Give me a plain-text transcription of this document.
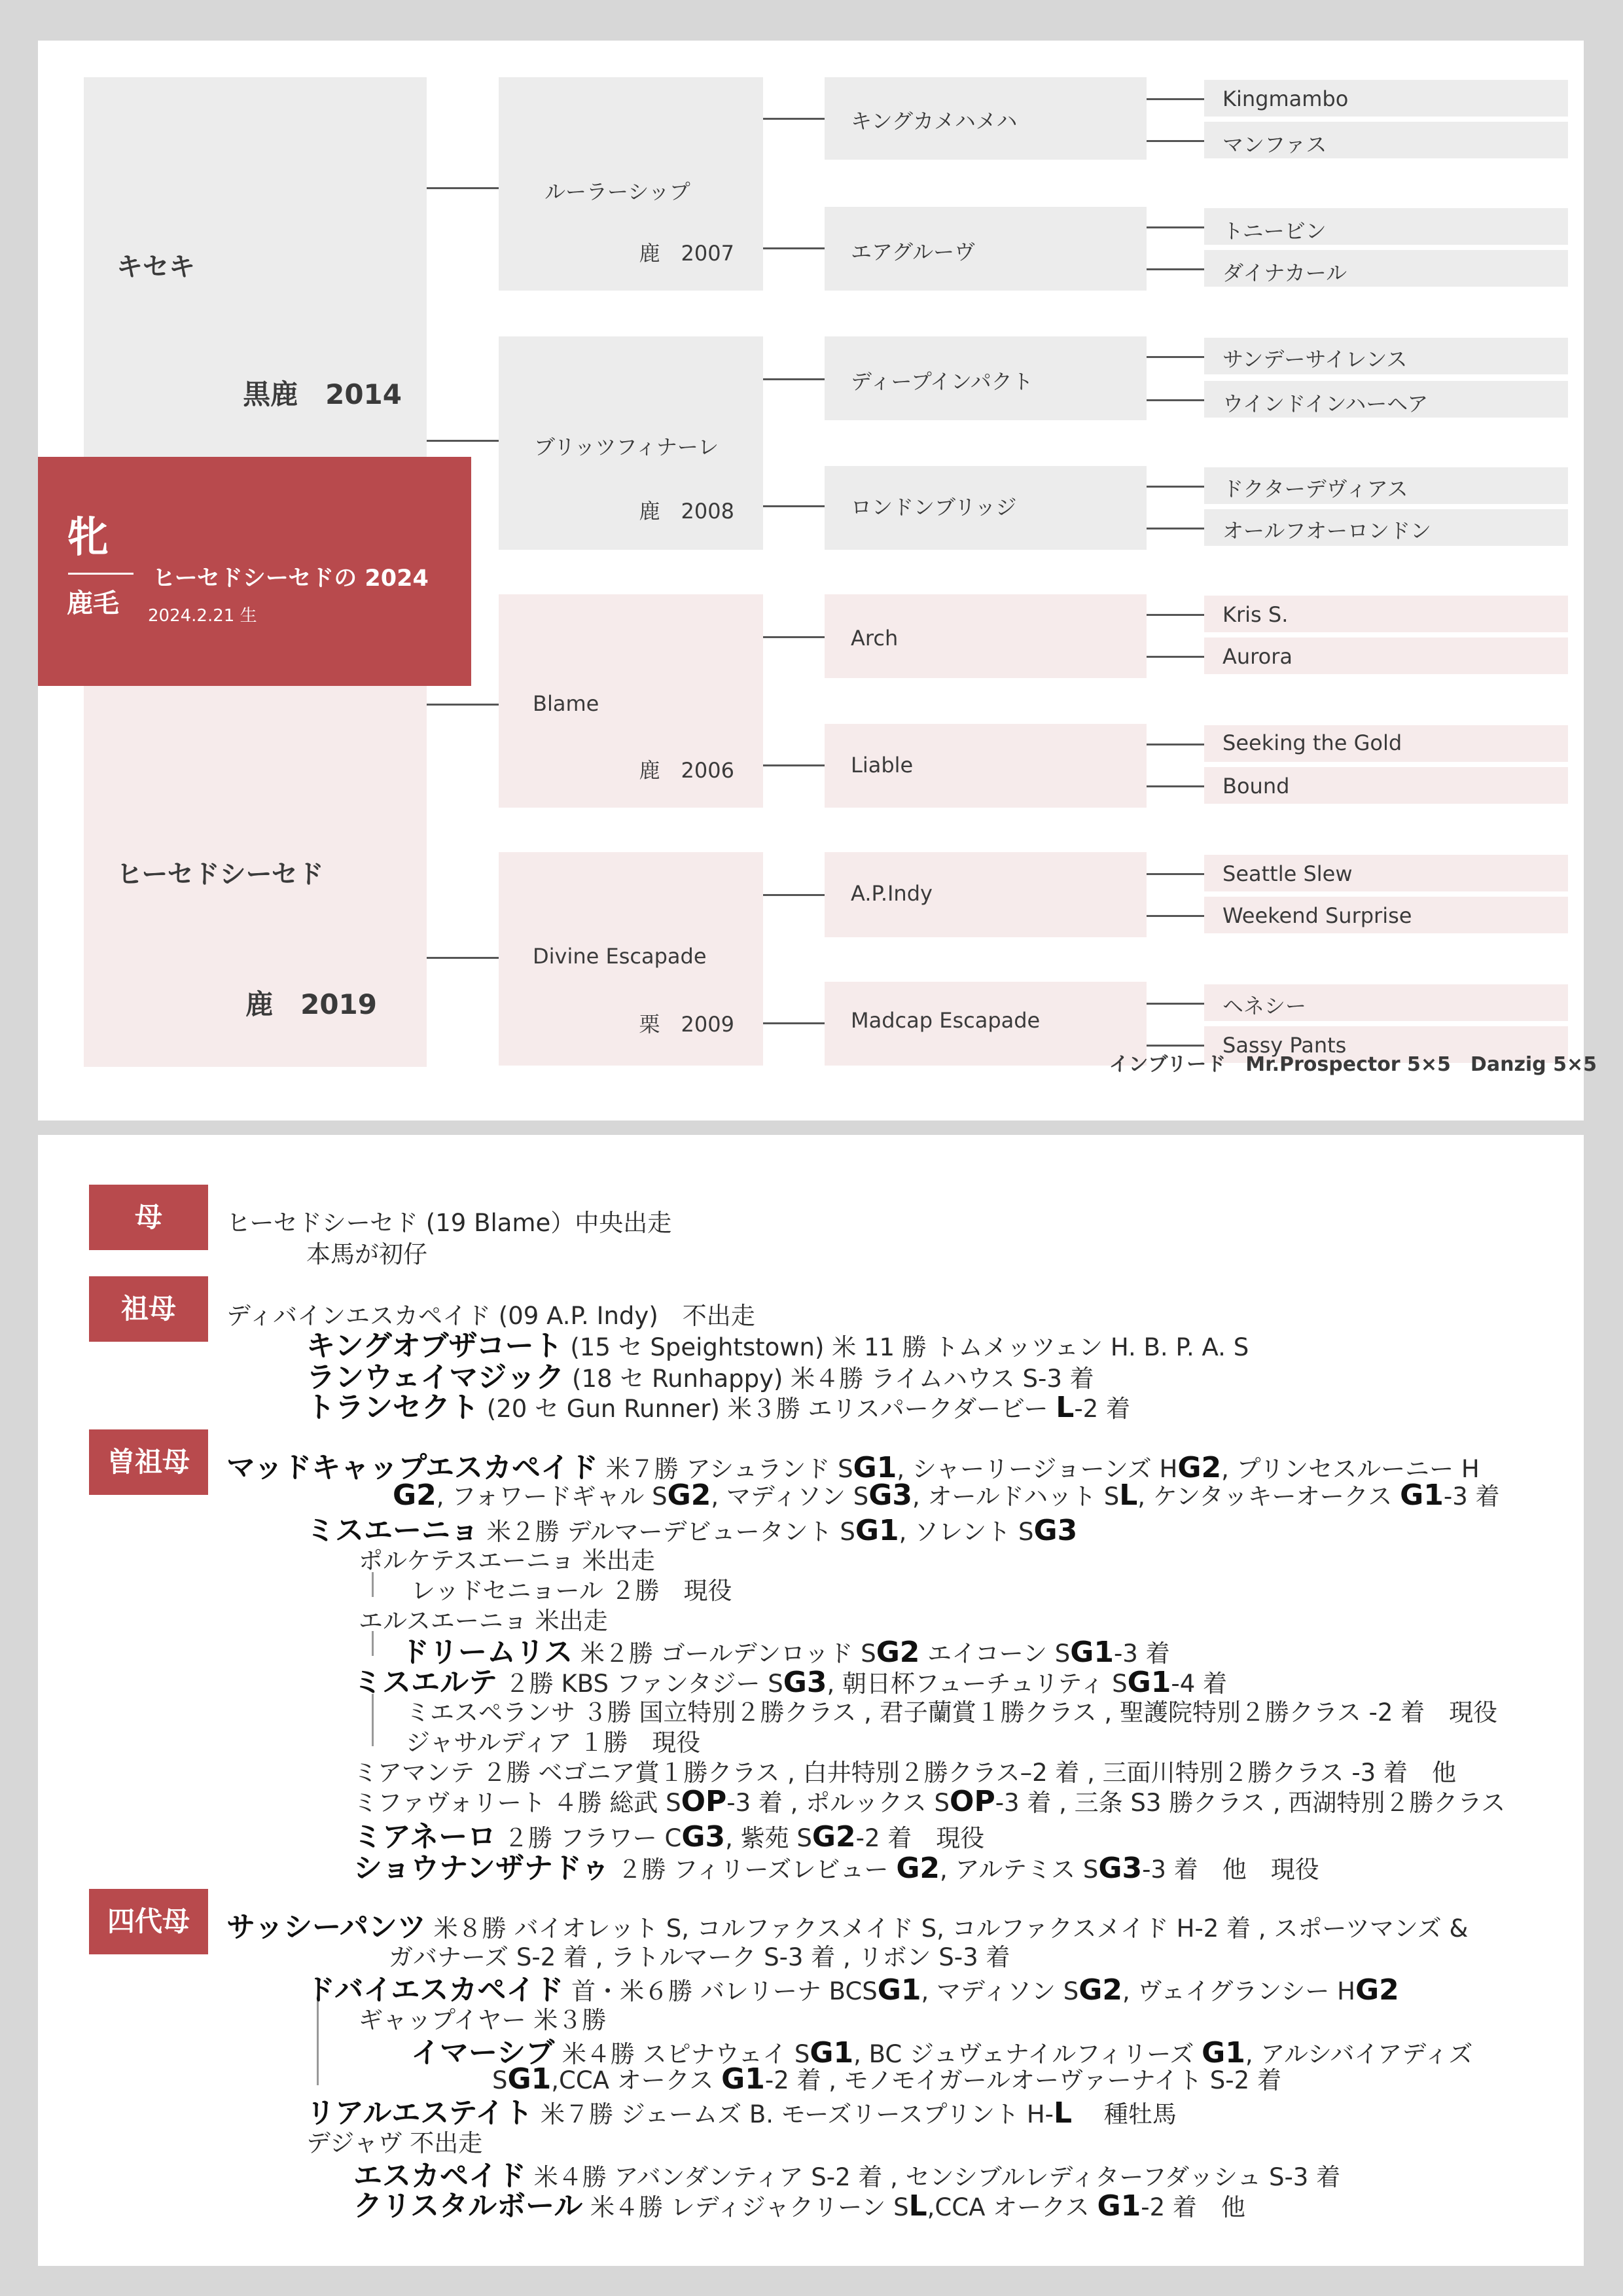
キセキ
黒鹿　2014
ヒーセドシーセド
鹿　2019
牝
鹿毛
ヒーセドシーセドの 2024
2024.2.21 生
ルーラーシップ
鹿　2007
ブリッツフィナーレ
鹿　2008
Blame
鹿　2006
Divine Escapade
栗　2009
キングカメハメハ
エアグルーヴ
ディープインパクト
ロンドンブリッジ
Arch
Liable
A.P.Indy
Madcap Escapade
Kingmambo
マンファス
トニービン
ダイナカール
サンデーサイレンス
ウインドインハーヘア
ドクターデヴィアス
オールフオーロンドン
Kris S.
Aurora
Seeking the Gold
Bound
Seattle Slew
Weekend Surprise
ヘネシー
Sassy Pants
インブリード　Mr.Prospector 5×5　Danzig 5×5
母
祖母
曽祖母
四代母
ヒーセドシーセド (19 Blame）中央出走
本馬が初仔
ディバインエスカペイド (09 A.P. Indy)　不出走
キングオブザコート (15 セ Speightstown) 米 11 勝 トムメッツェン H. B. P. A. S
ランウェイマジック (18 セ Runhappy) 米４勝 ライムハウス S-3 着
トランセクト (20 セ Gun Runner) 米３勝 エリスパークダービー L-2 着
マッドキャップエスカペイド 米７勝 アシュランド SG1, シャーリージョーンズ HG2, プリンセスルーニー H
G2, フォワードギャル SG2, マディソン SG3, オールドハット SL, ケンタッキーオークス G1-3 着
ミスエーニョ 米２勝 デルマーデビュータント SG1, ソレント SG3
ポルケテスエーニョ 米出走
レッドセニョール ２勝　現役
エルスエーニョ 米出走
ドリームリス 米２勝 ゴールデンロッド SG2 エイコーン SG1-3 着
ミスエルテ ２勝 KBS ファンタジー SG3, 朝日杯フューチュリティ SG1-4 着
ミエスペランサ ３勝 国立特別２勝クラス , 君子蘭賞１勝クラス , 聖護院特別２勝クラス -2 着　現役
ジャサルディア １勝　現役
ミアマンテ ２勝 ベゴニア賞１勝クラス , 白井特別２勝クラス–2 着 , 三面川特別２勝クラス -3 着　他
ミファヴォリート ４勝 総武 SOP-3 着 , ポルックス SOP-3 着 , 三条 S3 勝クラス , 西湖特別２勝クラス
ミアネーロ ２勝 フラワー CG3, 紫苑 SG2-2 着　現役
ショウナンザナドゥ ２勝 フィリーズレビュー G2, アルテミス SG3-3 着　他　現役
サッシーパンツ 米８勝 バイオレット S, コルファクスメイド S, コルファクスメイド H-2 着 , スポーツマンズ &
ガバナーズ S-2 着 , ラトルマーク S-3 着 , リボン S-3 着
ドバイエスカペイド 首・米６勝 バレリーナ BCSG1, マディソン SG2, ヴェイグランシー HG2
ギャップイヤー 米３勝
イマーシブ 米４勝 スピナウェイ SG1, BC ジュヴェナイルフィリーズ G1, アルシバイアディズ
SG1,CCA オークス G1-2 着 , モノモイガールオーヴァーナイト S-2 着
リアルエステイト 米７勝 ジェームズ B. モーズリースプリント H-L　 種牡馬
デジャヴ 不出走
エスカペイド 米４勝 アバンダンティア S-2 着 , センシブルレディターフダッシュ S-3 着
クリスタルボール 米４勝 レディジャクリーン SL,CCA オークス G1-2 着　他
